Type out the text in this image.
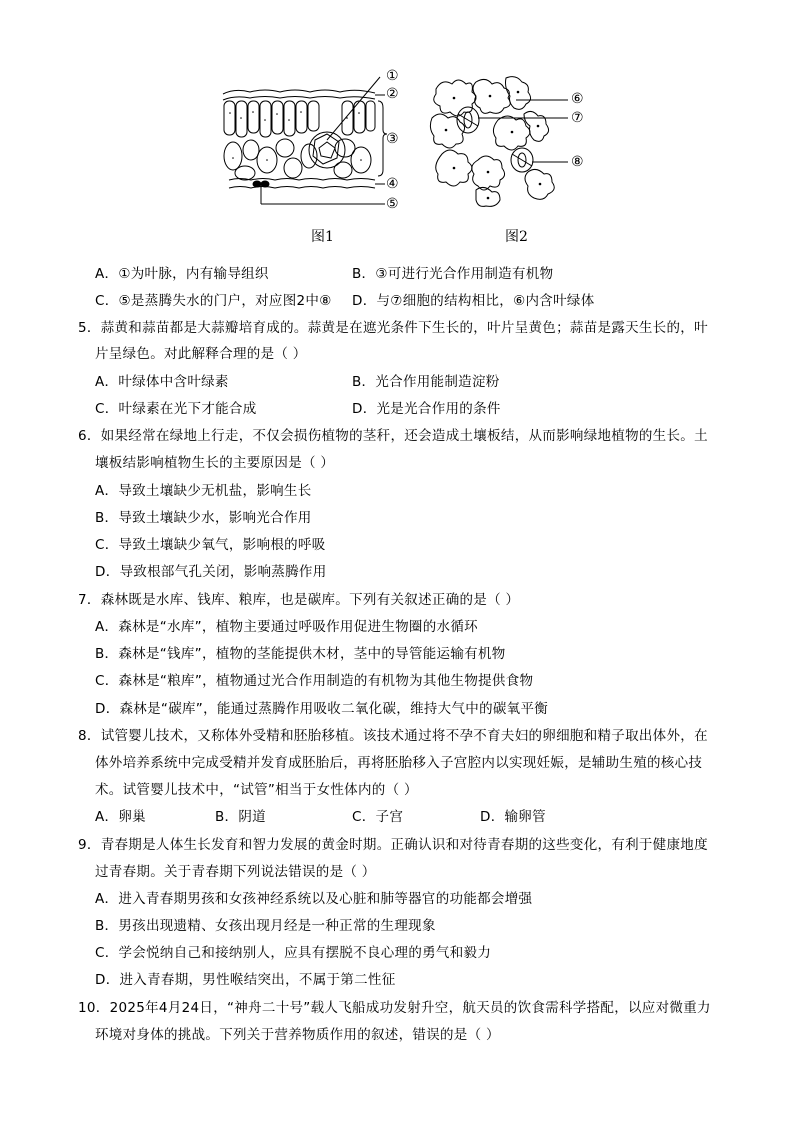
①
②
③
④
⑤
图1
⑥
⑦
⑧
图2
A．①为叶脉，内有输导组织	B．③可进行光合作用制造有机物
C．⑤是蒸腾失水的门户，对应图2中⑧ D．与⑦细胞的结构相比，⑥内含叶绿体
5．蒜黄和蒜苗都是大蒜瓣培育成的。蒜黄是在遮光条件下生长的，叶片呈黄色；蒜苗是露天生长的，叶
片呈绿色。对此解释合理的是（ ）
A．叶绿体中含叶绿素	B．光合作用能制造淀粉
C．叶绿素在光下才能合成	D．光是光合作用的条件
6．如果经常在绿地上行走，不仅会损伤植物的茎秆，还会造成土壤板结，从而影响绿地植物的生长。土
壤板结影响植物生长的主要原因是（ ）
A．导致土壤缺少无机盐，影响生长
B．导致土壤缺少水，影响光合作用
C．导致土壤缺少氧气，影响根的呼吸
D．导致根部气孔关闭，影响蒸腾作用
7．森林既是水库、钱库、粮库，也是碳库。下列有关叙述正确的是（ ）
A．森林是“水库”，植物主要通过呼吸作用促进生物圈的水循环
B．森林是“钱库”，植物的茎能提供木材，茎中的导管能运输有机物
C．森林是“粮库”，植物通过光合作用制造的有机物为其他生物提供食物
D．森林是“碳库”，能通过蒸腾作用吸收二氧化碳，维持大气中的碳氧平衡
8．试管婴儿技术，又称体外受精和胚胎移植。该技术通过将不孕不育夫妇的卵细胞和精子取出体外，在
体外培养系统中完成受精并发育成胚胎后，再将胚胎移入子宫腔内以实现妊娠，是辅助生殖的核心技
术。试管婴儿技术中，“试管”相当于女性体内的（ ）
A．卵巢	B．阴道	C．子宫	D．输卵管
9．青春期是人体生长发育和智力发展的黄金时期。正确认识和对待青春期的这些变化，有利于健康地度
过青春期。关于青春期下列说法错误的是（ ）
A．进入青春期男孩和女孩神经系统以及心脏和肺等器官的功能都会增强
B．男孩出现遗精、女孩出现月经是一种正常的生理现象
C．学会悦纳自己和接纳别人，应具有摆脱不良心理的勇气和毅力
D．进入青春期，男性喉结突出，不属于第二性征
10．2025年4月24日，“神舟二十号”载人飞船成功发射升空，航天员的饮食需科学搭配，以应对微重力
环境对身体的挑战。下列关于营养物质作用的叙述，错误的是（ ）
